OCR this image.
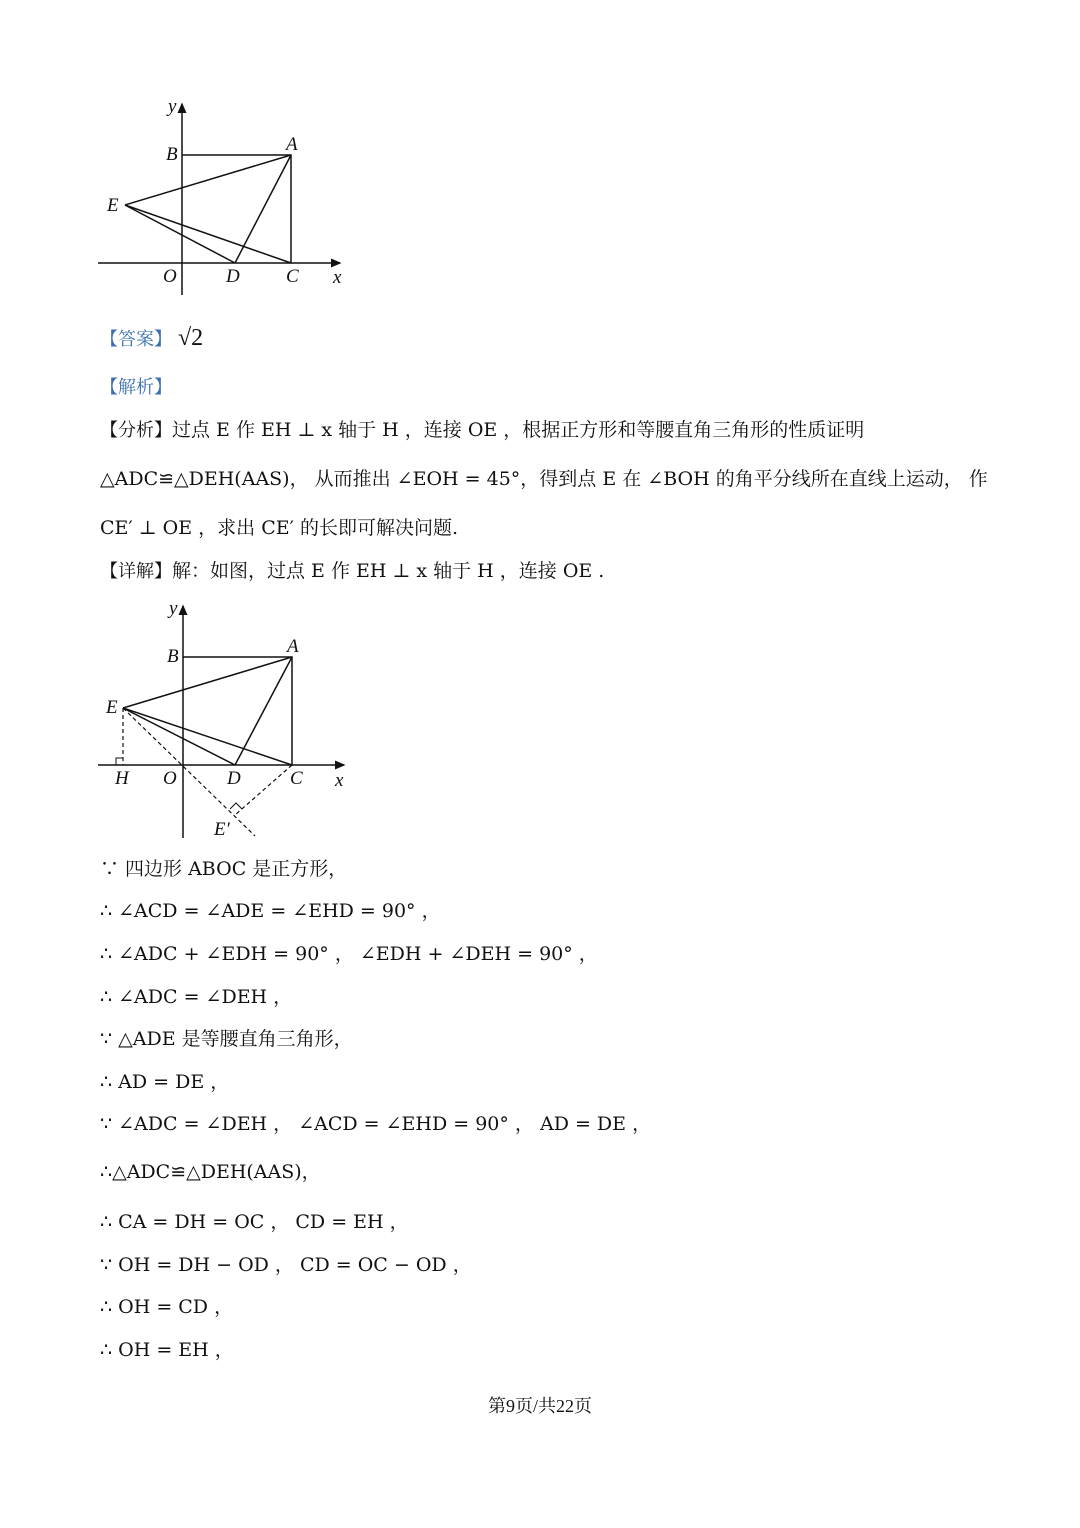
y
B	A
E
O	D C x
【答案】 √2
【解析】
【分析】过点 E 作 EH ⊥ x 轴于 H ，连接 OE ，根据正方形和等腰直角三角形的性质证明
△ADC≌△DEH(AAS)， 从而推出 ∠EOH = 45°，得到点 E 在 ∠BOH 的角平分线所在直线上运动， 作
CE′ ⊥ OE ，求出 CE′ 的长即可解决问题.
【详解】解：如图，过点 E 作 EH ⊥ x 轴于 H ，连接 OE .
y
B	A
E
H O	D	C x
E′
∵ 四边形 ABOC 是正方形，
∴ ∠ACD = ∠ADE = ∠EHD = 90° ，
∴ ∠ADC + ∠EDH = 90° ， ∠EDH + ∠DEH = 90° ，
∴ ∠ADC = ∠DEH ，
∵ △ADE 是等腰直角三角形，
∴ AD = DE ，
∵ ∠ADC = ∠DEH ， ∠ACD = ∠EHD = 90° ， AD = DE ，
∴△ADC≌△DEH(AAS)，
∴ CA = DH = OC ， CD = EH ，
∵ OH = DH − OD ， CD = OC − OD ，
∴ OH = CD ，
∴ OH = EH ，
第9页/共22页
